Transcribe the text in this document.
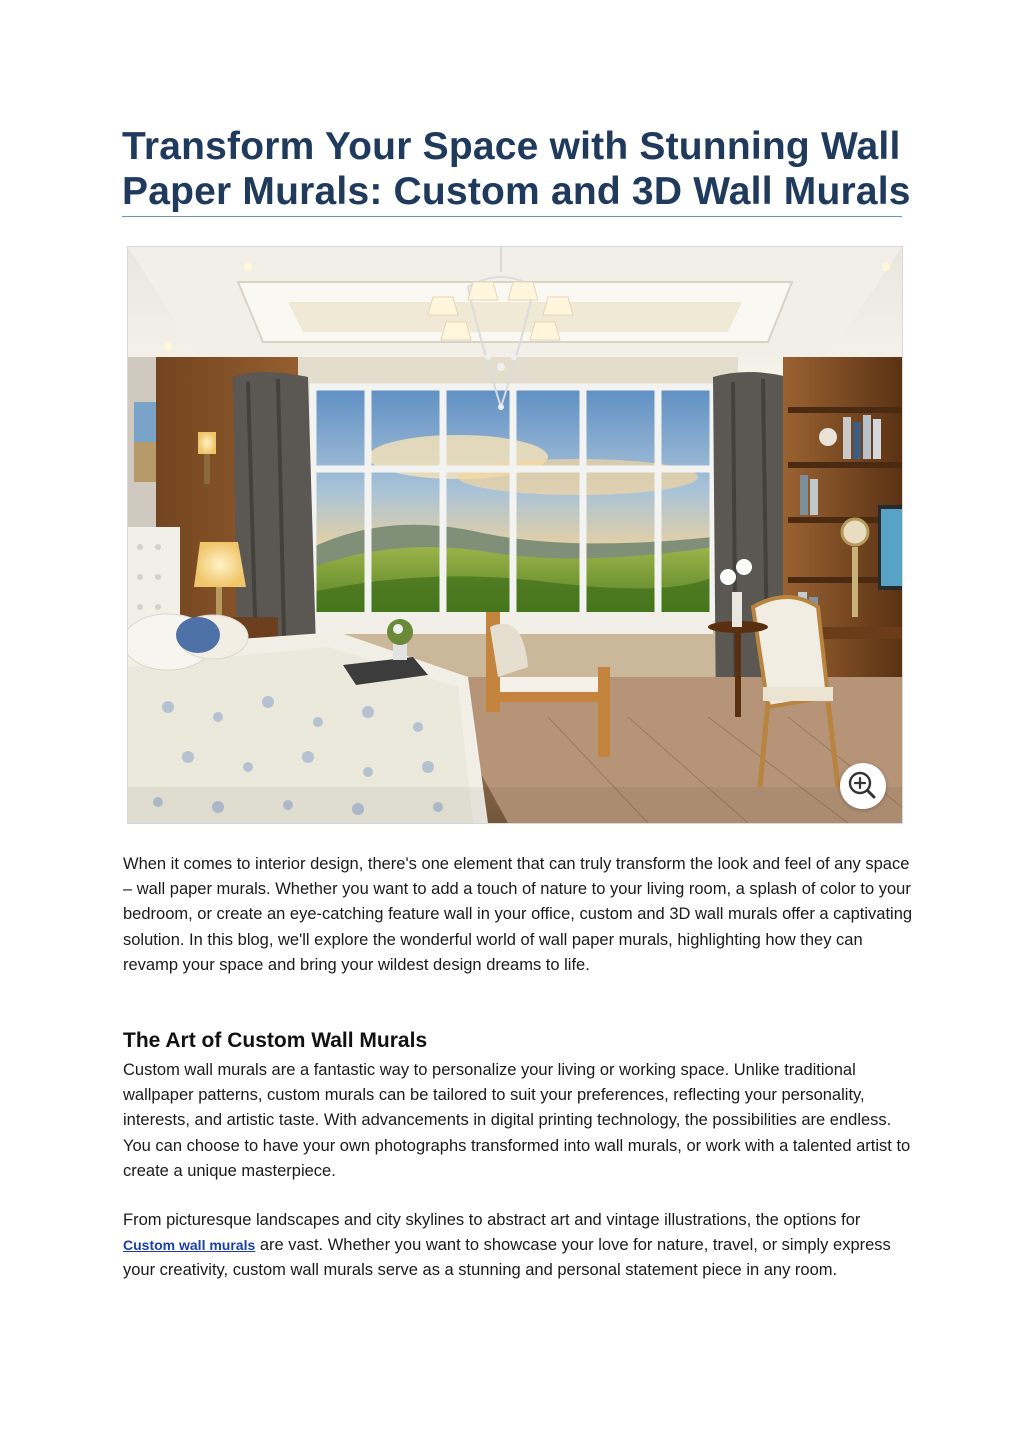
Transform Your Space with Stunning Wall Paper Murals: Custom and 3D Wall Murals

When it comes to interior design, there's one element that can truly transform the look and feel of any space – wall paper murals. Whether you want to add a touch of nature to your living room, a splash of color to your bedroom, or create an eye-catching feature wall in your office, custom and 3D wall murals offer a captivating solution. In this blog, we'll explore the wonderful world of wall paper murals, highlighting how they can revamp your space and bring your wildest design dreams to life.

The Art of Custom Wall Murals

Custom wall murals are a fantastic way to personalize your living or working space. Unlike traditional wallpaper patterns, custom murals can be tailored to suit your preferences, reflecting your personality, interests, and artistic taste. With advancements in digital printing technology, the possibilities are endless. You can choose to have your own photographs transformed into wall murals, or work with a talented artist to create a unique masterpiece.

From picturesque landscapes and city skylines to abstract art and vintage illustrations, the options for Custom wall murals are vast. Whether you want to showcase your love for nature, travel, or simply express your creativity, custom wall murals serve as a stunning and personal statement piece in any room.
